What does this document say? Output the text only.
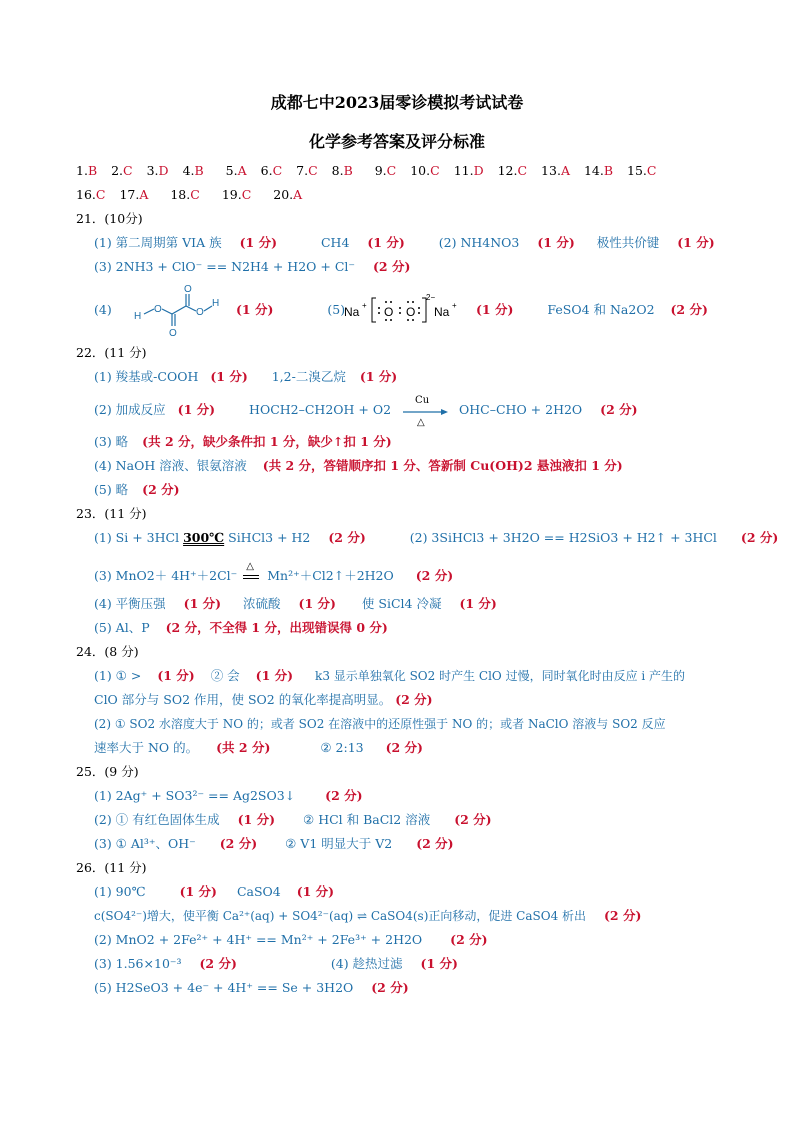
成都七中2023届零诊模拟考试试卷
化学参考答案及评分标准
1.B 2.C 3.D 4.B 5.A 6.C 7.C 8.B 9.C 10.C 11.D 12.C 13.A 14.B 15.C
16.C 17.A 18.C 19.C 20.A
21．(10分)
(1) 第二周期第 VIA 族 (1 分)	CH4 (1 分)	(2) NH4NO3 (1 分) 极性共价键 (1 分)
(3) 2NH3 + ClO⁻ == N2H4 + H2O + Cl⁻ (2 分)
(4) H
O
O
O
O
H (1 分)	(5)
Na + O O Na +
2−
(1 分)	FeSO4 和 Na2O2 (2 分)
22．(11 分)
(1) 羧基或-COOH (1 分) 1,2-二溴乙烷 (1 分)
(2) 加成反应 (1 分)	HOCH2–CH2OH + O2
Cu
△
OHC–CHO + 2H2O (2 分)
(3) 略 (共 2 分，缺少条件扣 1 分，缺少↑扣 1 分)
(4) NaOH 溶液、银氨溶液 (共 2 分，答错顺序扣 1 分、答新制 Cu(OH)2 悬浊液扣 1 分)
(5) 略 (2 分)
23．(11 分)
(1) Si + 3HCl 300℃ SiHCl3 + H2 (2 分)	(2) 3SiHCl3 + 3H2O == H2SiO3 + H2↑ + 3HCl (2 分)
(3) MnO2＋ 4H⁺＋2Cl⁻
△
Mn²⁺＋Cl2↑＋2H2O (2 分)
(4) 平衡压强 (1 分) 浓硫酸 (1 分) 使 SiCl4 冷凝 (1 分)
(5) Al、P (2 分，不全得 1 分，出现错误得 0 分)
24．(8 分)
(1) ① > (1 分) ② 会 (1 分) k3 显示单独氧化 SO2 时产生 ClO 过慢，同时氧化时由反应 i 产生的
ClO 部分与 SO2 作用，使 SO2 的氧化率提高明显。 (2 分)
(2) ① SO2 水溶度大于 NO 的；或者 SO2 在溶液中的还原性强于 NO 的；或者 NaClO 溶液与 SO2 反应
速率大于 NO 的。 (共 2 分)	② 2:13 (2 分)
25．(9 分)
(1) 2Ag⁺ + SO3²⁻ == Ag2SO3↓ (2 分)
(2) ① 有红色固体生成 (1 分) ② HCl 和 BaCl2 溶液 (2 分)
(3) ① Al³⁺、OH⁻ (2 分) ② V1 明显大于 V2 (2 分)
26．(11 分)
(1) 90℃	(1 分) CaSO4 (1 分)
c(SO4²⁻)增大，使平衡 Ca²⁺(aq) + SO4²⁻(aq) ⇌ CaSO4(s)正向移动，促进 CaSO4 析出 (2 分)
(2) MnO2 + 2Fe²⁺ + 4H⁺ == Mn²⁺ + 2Fe³⁺ + 2H2O (2 分)
(3) 1.56×10⁻³ (2 分)	(4) 趁热过滤 (1 分)
(5) H2SeO3 + 4e⁻ + 4H⁺ == Se + 3H2O (2 分)
